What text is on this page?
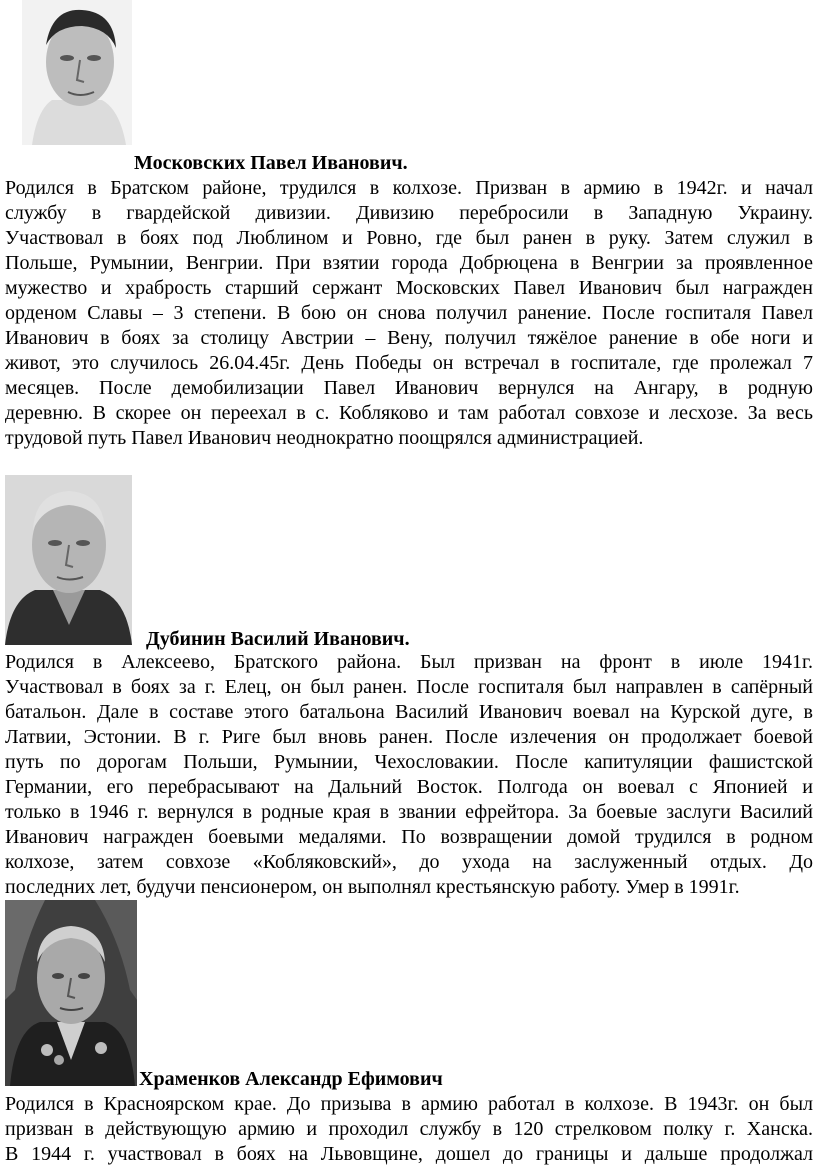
Московских Павел Иванович.
Родился в Братском районе, трудился в колхозе. Призван в армию в 1942г. и начал
службу в гвардейской дивизии. Дивизию перебросили в Западную Украину.
Участвовал в боях под Люблином и Ровно, где был ранен в руку. Затем служил в
Польше, Румынии, Венгрии. При взятии города Добрюцена в Венгрии за проявленное
мужество и храбрость старший сержант Московских Павел Иванович был награжден
орденом Славы – 3 степени. В бою он снова получил ранение. После госпиталя Павел
Иванович в боях за столицу Австрии – Вену, получил тяжёлое ранение в обе ноги и
живот, это случилось 26.04.45г. День Победы он встречал в госпитале, где пролежал 7
месяцев. После демобилизации Павел Иванович вернулся на Ангару, в родную
деревню. В скорее он переехал в с. Кобляково и там работал совхозе и лесхозе. За весь
трудовой путь Павел Иванович неоднократно поощрялся администрацией.
Дубинин Василий Иванович.
Родился в Алексеево, Братского района. Был призван на фронт в июле 1941г.
Участвовал в боях за г. Елец, он был ранен. После госпиталя был направлен в сапёрный
батальон. Дале в составе этого батальона Василий Иванович воевал на Курской дуге, в
Латвии, Эстонии. В г. Риге был вновь ранен. После излечения он продолжает боевой
путь по дорогам Польши, Румынии, Чехословакии. После капитуляции фашистской
Германии, его перебрасывают на Дальний Восток. Полгода он воевал с Японией и
только в 1946 г. вернулся в родные края в звании ефрейтора. За боевые заслуги Василий
Иванович награжден боевыми медалями. По возвращении домой трудился в родном
колхозе, затем совхозе «Кобляковский», до ухода на заслуженный отдых. До
последних лет, будучи пенсионером, он выполнял крестьянскую работу. Умер в 1991г.
Храменков Александр Ефимович
Родился в Красноярском крае. До призыва в армию работал в колхозе. В 1943г. он был
призван в действующую армию и проходил службу в 120 стрелковом полку г. Ханска.
В 1944 г. участвовал в боях на Львовщине, дошел до границы и дальше продолжал
